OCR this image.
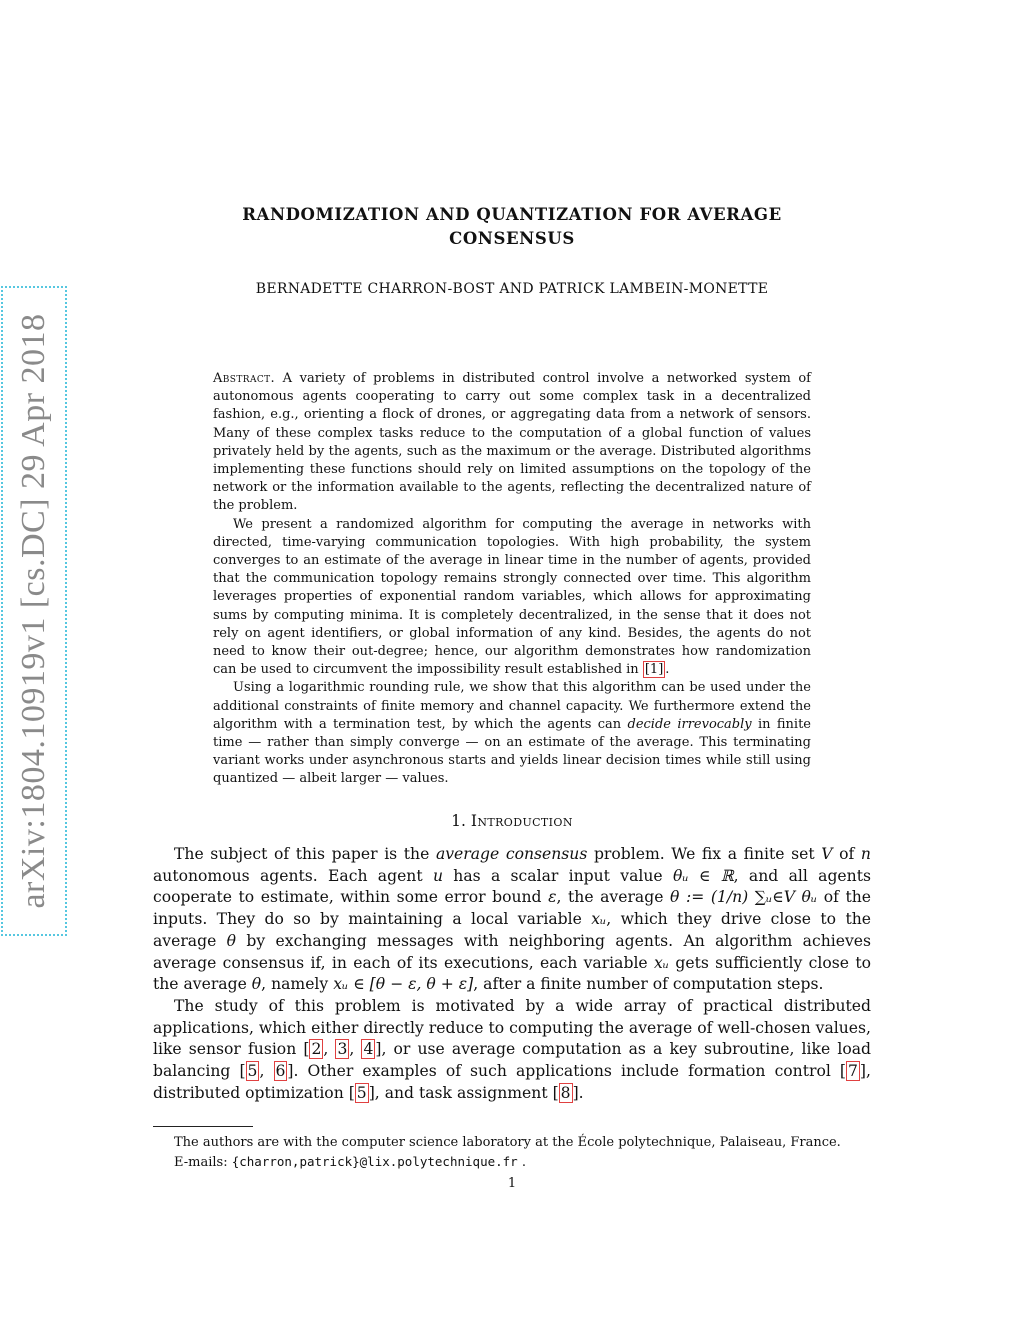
arXiv:1804.10919v1 [cs.DC] 29 Apr 2018
RANDOMIZATION AND QUANTIZATION FOR AVERAGE
CONSENSUS
BERNADETTE CHARRON-BOST AND PATRICK LAMBEIN-MONETTE

Abstract. A variety of problems in distributed control involve a networked system of autonomous agents cooperating to carry out some complex task in a decentralized fashion, e.g., orienting a flock of drones, or aggregating data from a network of sensors. Many of these complex tasks reduce to the computation of a global function of values privately held by the agents, such as the maximum or the average. Distributed algorithms implementing these functions should rely on limited assumptions on the topology of the network or the information available to the agents, reflecting the decentralized nature of the problem.

We present a randomized algorithm for computing the average in networks with directed, time-varying communication topologies. With high probability, the system converges to an estimate of the average in linear time in the number of agents, provided that the communication topology remains strongly connected over time. This algorithm leverages properties of exponential random variables, which allows for approximating sums by computing minima. It is completely decentralized, in the sense that it does not rely on agent identifiers, or global information of any kind. Besides, the agents do not need to know their out-degree; hence, our algorithm demonstrates how randomization can be used to circumvent the impossibility result established in [1] .

Using a logarithmic rounding rule, we show that this algorithm can be used under the additional constraints of finite memory and channel capacity. We furthermore extend the algorithm with a termination test, by which the agents can decide irrevocably in finite time — rather than simply converge — on an estimate of the average. This terminating variant works under asynchronous starts and yields linear decision times while still using quantized — albeit larger — values.

1. Introduction

The subject of this paper is the average consensus problem. We fix a finite set V of n autonomous agents. Each agent u has a scalar input value θᵤ ∈ ℝ, and all agents cooperate to estimate, within some error bound ε, the average θ := (1/n) ∑ᵤ∈V θᵤ of the inputs. They do so by maintaining a local variable xᵤ, which they drive close to the average θ by exchanging messages with neighboring agents. An algorithm achieves average consensus if, in each of its executions, each variable xᵤ gets sufficiently close to the average θ, namely xᵤ ∈ [θ − ε, θ + ε], after a finite number of computation steps.

The study of this problem is motivated by a wide array of practical distributed applications, which either directly reduce to computing the average of well-chosen values, like sensor fusion [ 2 , 3 , 4 ], or use average computation as a key subroutine, like load balancing [ 5 , 6 ]. Other examples of such applications include formation control [ 7 ], distributed optimization [ 5 ], and task assignment [ 8 ].

The authors are with the computer science laboratory at the École polytechnique, Palaiseau, France.

E-mails: {charron,patrick}@lix.polytechnique.fr .

1
